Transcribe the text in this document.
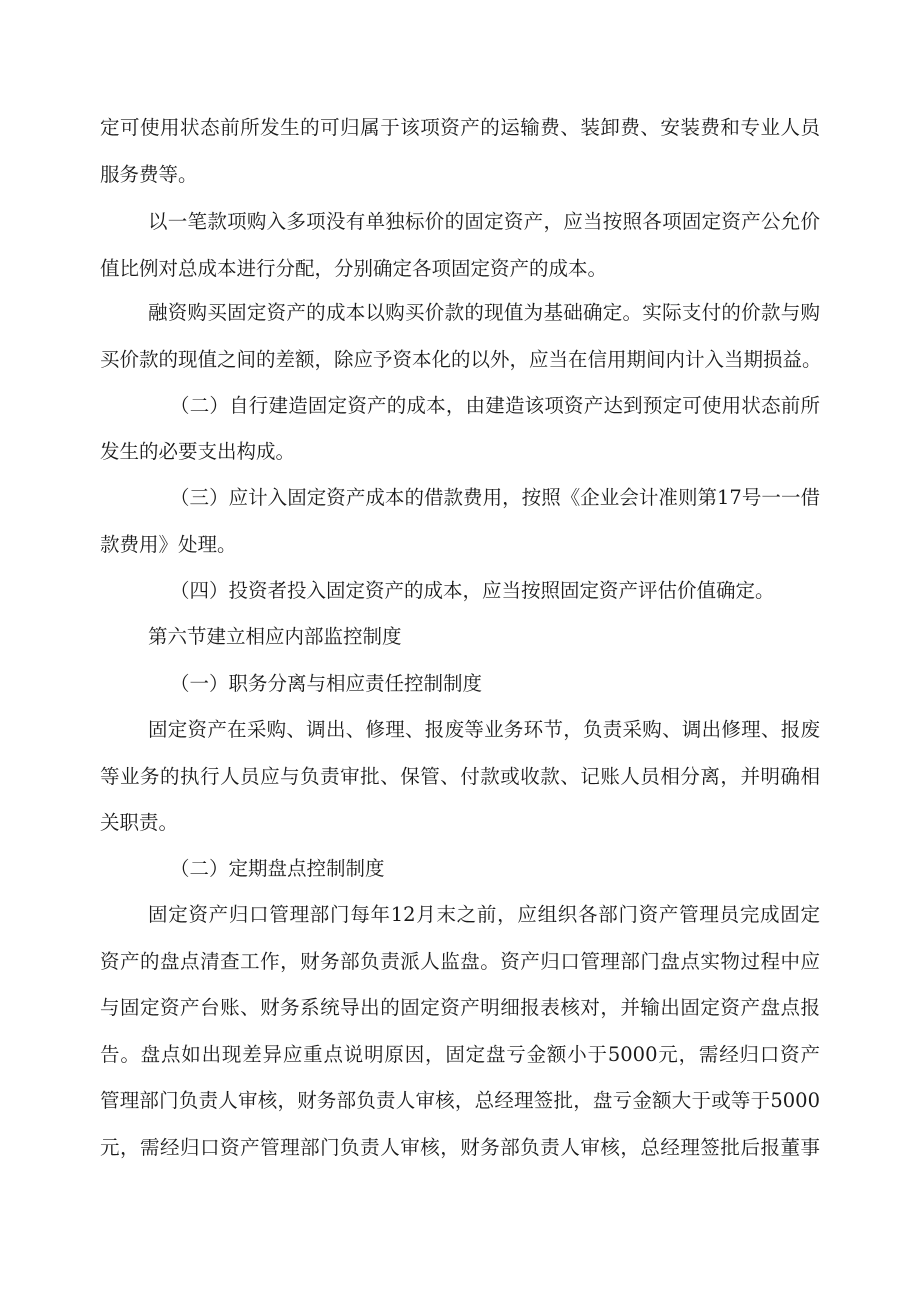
定可使用状态前所发生的可归属于该项资产的运输费、装卸费、安装费和专业人员

服务费等。

以一笔款项购入多项没有单独标价的固定资产，应当按照各项固定资产公允价

值比例对总成本进行分配，分别确定各项固定资产的成本。

融资购买固定资产的成本以购买价款的现值为基础确定。实际支付的价款与购

买价款的现值之间的差额，除应予资本化的以外，应当在信用期间内计入当期损益。

（二）自行建造固定资产的成本，由建造该项资产达到预定可使用状态前所

发生的必要支出构成。

（三）应计入固定资产成本的借款费用，按照《企业会计准则第17号一一借

款费用》处理。

（四）投资者投入固定资产的成本，应当按照固定资产评估价值确定。

第六节建立相应内部监控制度

（一）职务分离与相应责任控制制度

固定资产在采购、调出、修理、报废等业务环节，负责采购、调出修理、报废

等业务的执行人员应与负责审批、保管、付款或收款、记账人员相分离，并明确相

关职责。

（二）定期盘点控制制度

固定资产归口管理部门每年12月末之前，应组织各部门资产管理员完成固定

资产的盘点清查工作，财务部负责派人监盘。资产归口管理部门盘点实物过程中应

与固定资产台账、财务系统导出的固定资产明细报表核对，并输出固定资产盘点报

告。盘点如出现差异应重点说明原因，固定盘亏金额小于5000元，需经归口资产

管理部门负责人审核，财务部负责人审核，总经理签批，盘亏金额大于或等于5000

元，需经归口资产管理部门负责人审核，财务部负责人审核，总经理签批后报董事
